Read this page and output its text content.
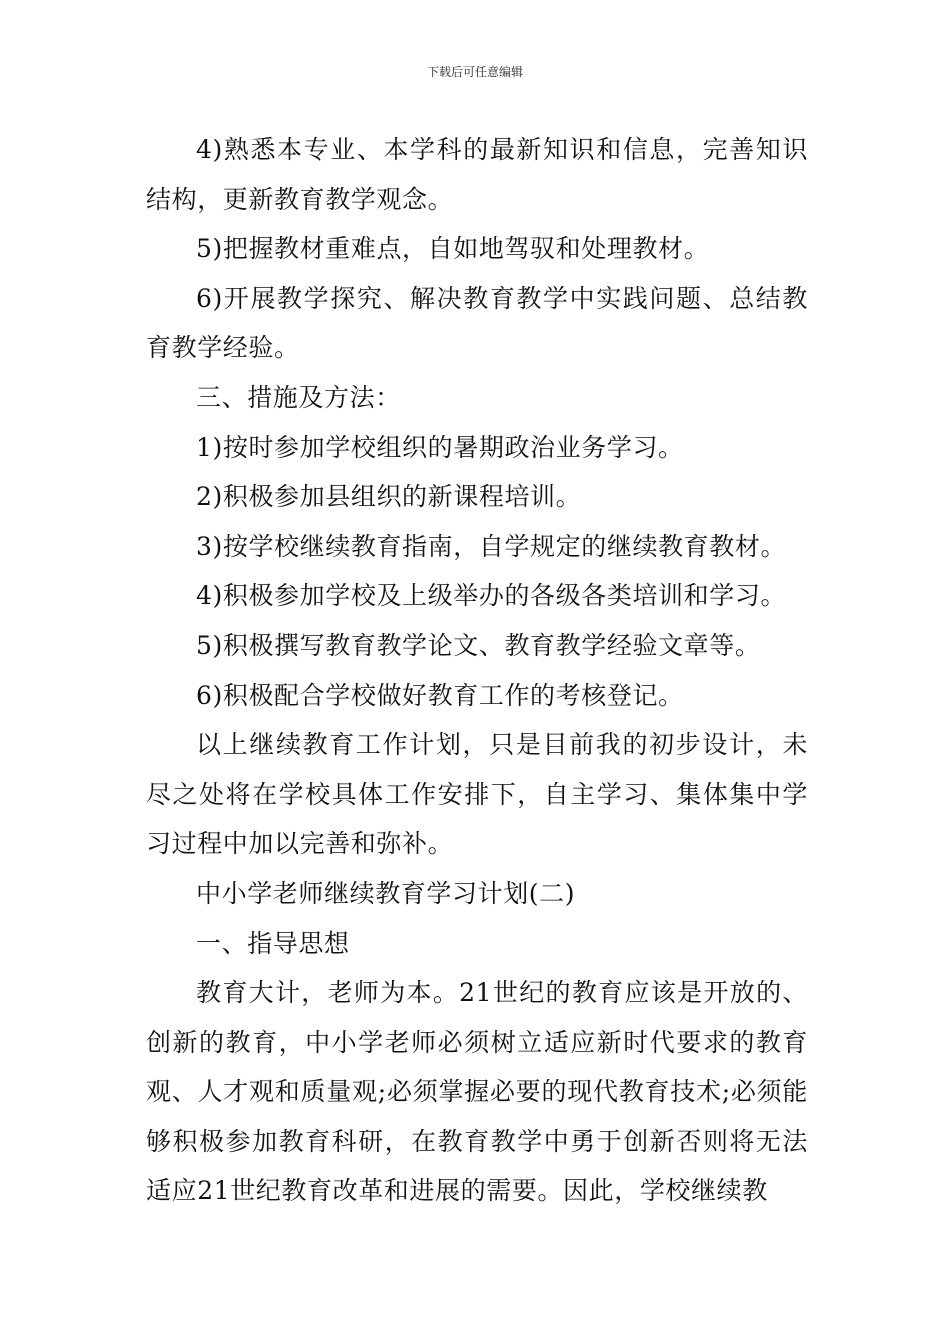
下载后可任意编辑

4)熟悉本专业、本学科的最新知识和信息，完善知识结构，更新教育教学观念。

5)把握教材重难点，自如地驾驭和处理教材。

6)开展教学探究、解决教育教学中实践问题、总结教育教学经验。

三、措施及方法：

1)按时参加学校组织的暑期政治业务学习。

2)积极参加县组织的新课程培训。

3)按学校继续教育指南，自学规定的继续教育教材。

4)积极参加学校及上级举办的各级各类培训和学习。

5)积极撰写教育教学论文、教育教学经验文章等。

6)积极配合学校做好教育工作的考核登记。

以上继续教育工作计划，只是目前我的初步设计，未尽之处将在学校具体工作安排下，自主学习、集体集中学习过程中加以完善和弥补。

中小学老师继续教育学习计划(二)

一、指导思想

教育大计，老师为本。21世纪的教育应该是开放的、创新的教育，中小学老师必须树立适应新时代要求的教育观、人才观和质量观;必须掌握必要的现代教育技术;必须能够积极参加教育科研，在教育教学中勇于创新否则将无法适应21世纪教育改革和进展的需要。因此，学校继续教
